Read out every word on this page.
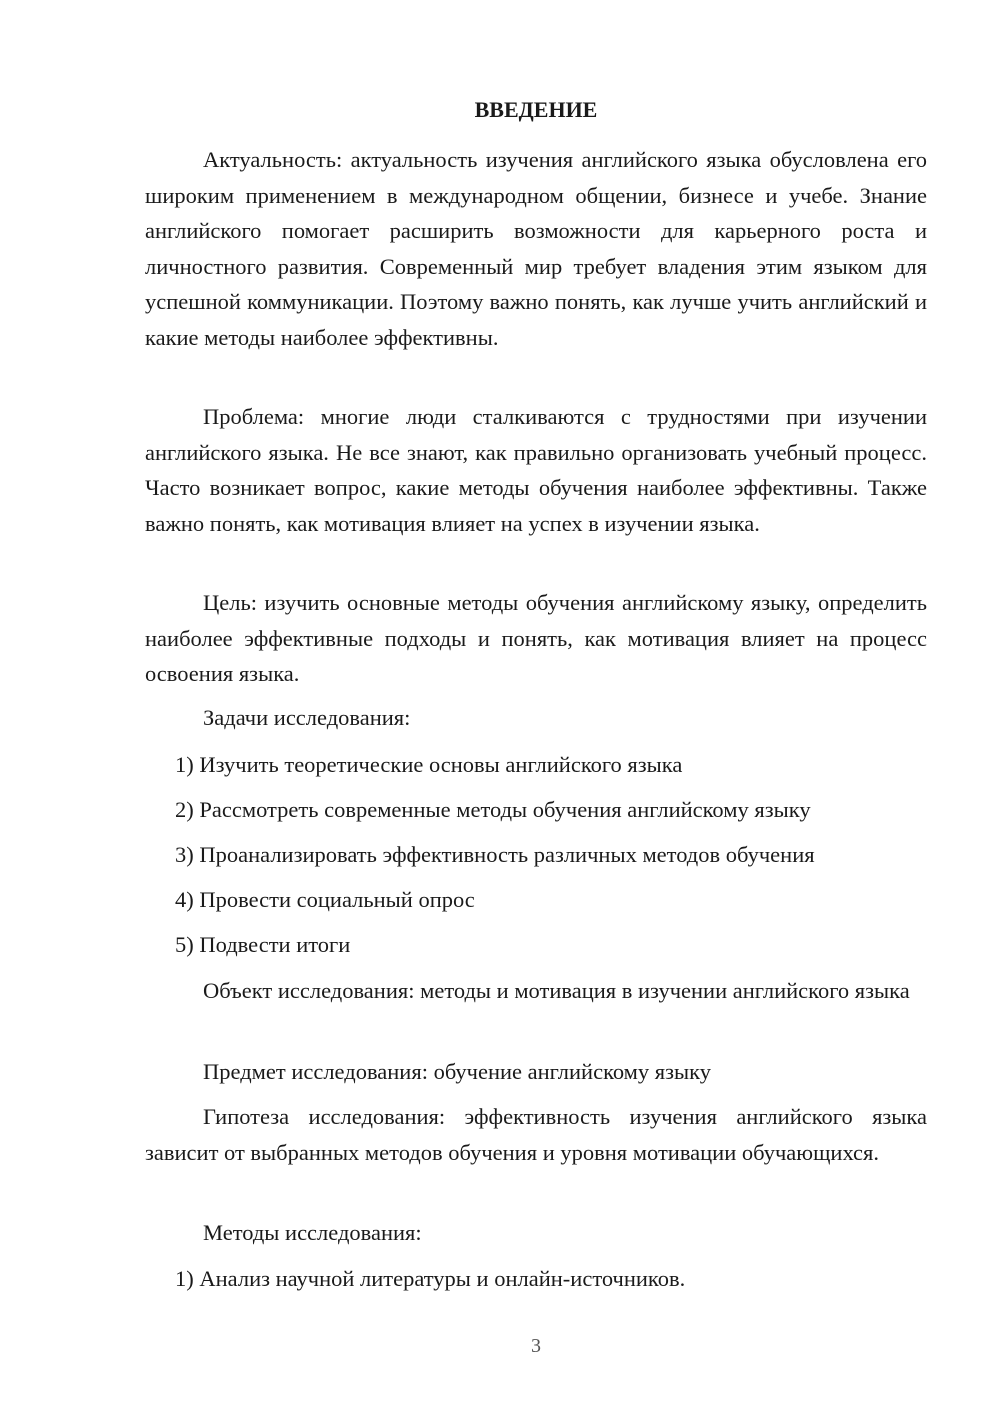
ВВЕДЕНИЕ

Актуальность: актуальность изучения английского языка обусловлена его широким применением в международном общении, бизнесе и учебе. Знание английского помогает расширить возможности для карьерного роста и личностного развития. Современный мир требует владения этим языком для успешной коммуникации. Поэтому важно понять, как лучше учить английский и какие методы наиболее эффективны.

Проблема: многие люди сталкиваются с трудностями при изучении английского языка. Не все знают, как правильно организовать учебный процесс. Часто возникает вопрос, какие методы обучения наиболее эффективны. Также важно понять, как мотивация влияет на успех в изучении языка.

Цель: изучить основные методы обучения английскому языку, определить наиболее эффективные подходы и понять, как мотивация влияет на процесс освоения языка.

Задачи исследования:

1) Изучить теоретические основы английского языка

2) Рассмотреть современные методы обучения английскому языку

3) Проанализировать эффективность различных методов обучения

4) Провести социальный опрос

5) Подвести итоги

Объект исследования: методы и мотивация в изучении английского языка

Предмет исследования: обучение английскому языку

Гипотеза исследования: эффективность изучения английского языка зависит от выбранных методов обучения и уровня мотивации обучающихся.

Методы исследования:

1) Анализ научной литературы и онлайн-источников.

3
